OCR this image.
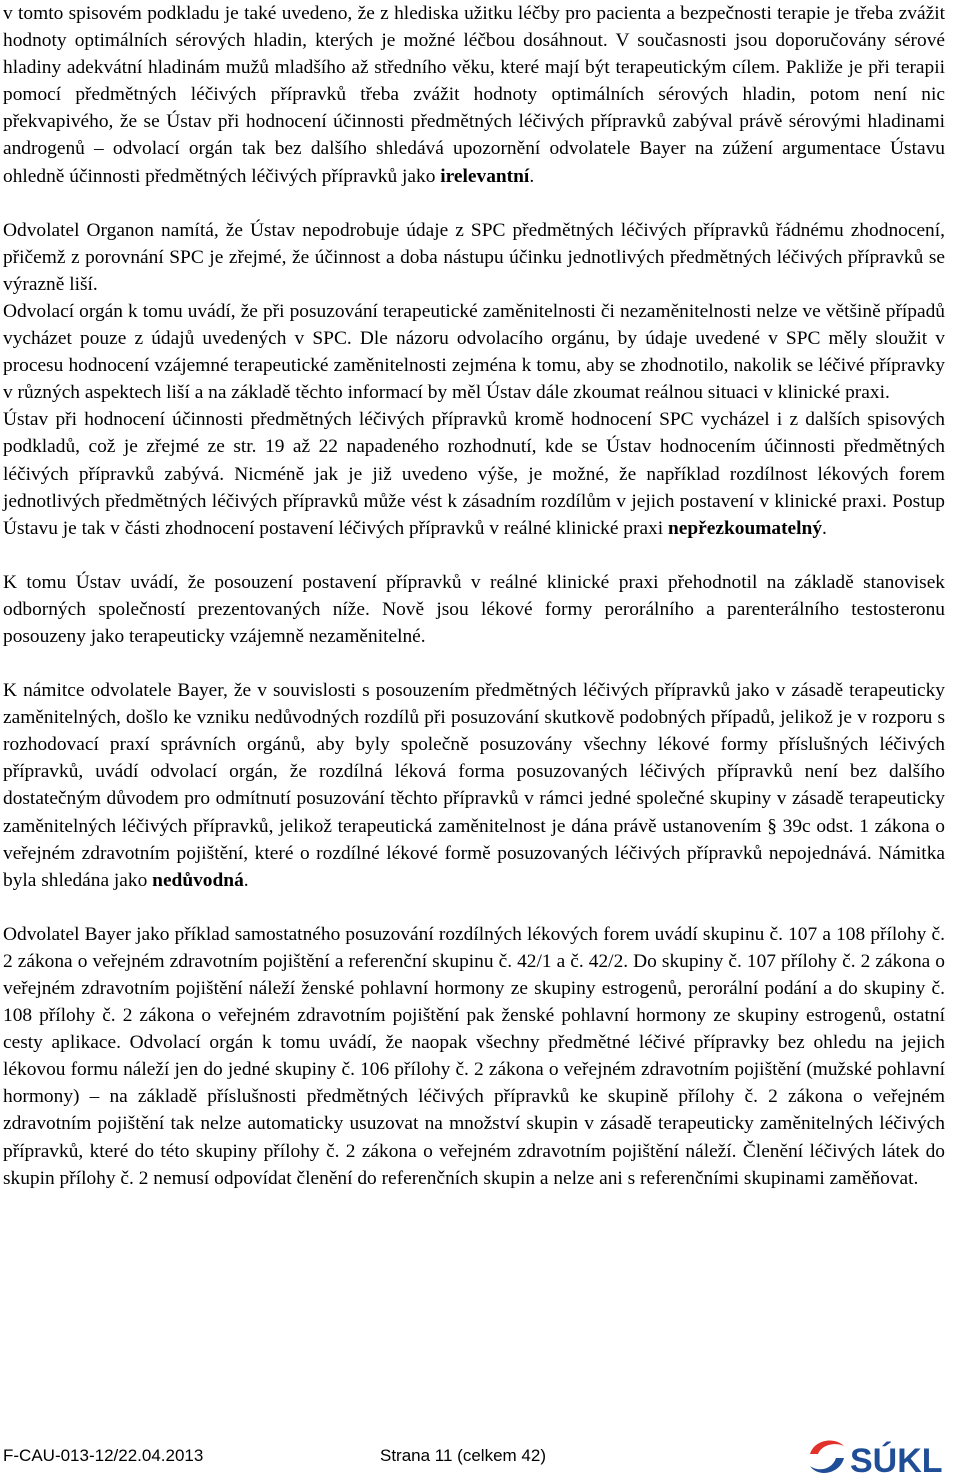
v tomto spisovém podkladu je také uvedeno, že z hlediska užitku léčby pro pacienta a bezpečnosti terapie je třeba zvážit hodnoty optimálních sérových hladin, kterých je možné léčbou dosáhnout. V současnosti jsou doporučovány sérové hladiny adekvátní hladinám mužů mladšího až středního věku, které mají být terapeutickým cílem. Pakliže je při terapii pomocí předmětných léčivých přípravků třeba zvážit hodnoty optimálních sérových hladin, potom není nic překvapivého, že se Ústav při hodnocení účinnosti předmětných léčivých přípravků zabýval právě sérovými hladinami androgenů – odvolací orgán tak bez dalšího shledává upozornění odvolatele Bayer na zúžení argumentace Ústavu ohledně účinnosti předmětných léčivých přípravků jako irelevantní.

Odvolatel Organon namítá, že Ústav nepodrobuje údaje z SPC předmětných léčivých přípravků řádnému zhodnocení, přičemž z porovnání SPC je zřejmé, že účinnost a doba nástupu účinku jednotlivých předmětných léčivých přípravků se výrazně liší.

Odvolací orgán k tomu uvádí, že při posuzování terapeutické zaměnitelnosti či nezaměnitelnosti nelze ve většině případů vycházet pouze z údajů uvedených v SPC. Dle názoru odvolacího orgánu, by údaje uvedené v SPC měly sloužit v procesu hodnocení vzájemné terapeutické zaměnitelnosti zejména k tomu, aby se zhodnotilo, nakolik se léčivé přípravky v různých aspektech liší a na základě těchto informací by měl Ústav dále zkoumat reálnou situaci v klinické praxi.

Ústav při hodnocení účinnosti předmětných léčivých přípravků kromě hodnocení SPC vycházel i z dalších spisových podkladů, což je zřejmé ze str. 19 až 22 napadeného rozhodnutí, kde se Ústav hodnocením účinnosti předmětných léčivých přípravků zabývá. Nicméně jak je již uvedeno výše, je možné, že například rozdílnost lékových forem jednotlivých předmětných léčivých přípravků může vést k zásadním rozdílům v jejich postavení v klinické praxi. Postup Ústavu je tak v části zhodnocení postavení léčivých přípravků v reálné klinické praxi nepřezkoumatelný.

K tomu Ústav uvádí, že posouzení postavení přípravků v reálné klinické praxi přehodnotil na základě stanovisek odborných společností prezentovaných níže. Nově jsou lékové formy perorálního a parenterálního testosteronu posouzeny jako terapeuticky vzájemně nezaměnitelné.

K námitce odvolatele Bayer, že v souvislosti s posouzením předmětných léčivých přípravků jako v zásadě terapeuticky zaměnitelných, došlo ke vzniku nedůvodných rozdílů při posuzování skutkově podobných případů, jelikož je v rozporu s rozhodovací praxí správních orgánů, aby byly společně posuzovány všechny lékové formy příslušných léčivých přípravků, uvádí odvolací orgán, že rozdílná léková forma posuzovaných léčivých přípravků není bez dalšího dostatečným důvodem pro odmítnutí posuzování těchto přípravků v rámci jedné společné skupiny v zásadě terapeuticky zaměnitelných léčivých přípravků, jelikož terapeutická zaměnitelnost je dána právě ustanovením § 39c odst. 1 zákona o veřejném zdravotním pojištění, které o rozdílné lékové formě posuzovaných léčivých přípravků nepojednává. Námitka byla shledána jako nedůvodná.

Odvolatel Bayer jako příklad samostatného posuzování rozdílných lékových forem uvádí skupinu č. 107 a 108 přílohy č. 2 zákona o veřejném zdravotním pojištění a referenční skupinu č. 42/1 a č. 42/2. Do skupiny č. 107 přílohy č. 2 zákona o veřejném zdravotním pojištění náleží ženské pohlavní hormony ze skupiny estrogenů, perorální podání a do skupiny č. 108 přílohy č. 2 zákona o veřejném zdravotním pojištění pak ženské pohlavní hormony ze skupiny estrogenů, ostatní cesty aplikace. Odvolací orgán k tomu uvádí, že naopak všechny předmětné léčivé přípravky bez ohledu na jejich lékovou formu náleží jen do jedné skupiny č. 106 přílohy č. 2 zákona o veřejném zdravotním pojištění (mužské pohlavní hormony) – na základě příslušnosti předmětných léčivých přípravků ke skupině přílohy č. 2 zákona o veřejném zdravotním pojištění tak nelze automaticky usuzovat na množství skupin v zásadě terapeuticky zaměnitelných léčivých přípravků, které do této skupiny přílohy č. 2 zákona o veřejném zdravotním pojištění náleží. Členění léčivých látek do skupin přílohy č. 2 nemusí odpovídat členění do referenčních skupin a nelze ani s referenčními skupinami zaměňovat.

F-CAU-013-12/22.04.2013	Strana 11 (celkem 42)	SÚKL
